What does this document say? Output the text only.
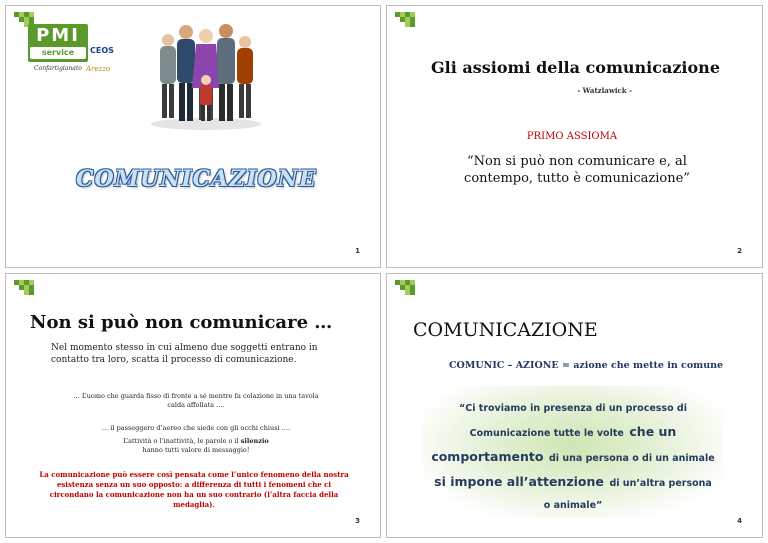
PMI
service	CEOS
Confartigianato Arezzo
COMUNICAZIONE
1
Gli assiomi della comunicazione
- Watzlawick -
PRIMO ASSIOMA
“Non si può non comunicare e, al
contempo, tutto è comunicazione”
2
Non si può non comunicare …
Nel momento stesso in cui almeno due soggetti entrano in contatto tra loro, scatta il processo di comunicazione.
… L’uomo che guarda fisso di fronte a sé mentre fa colazione in una tavola
calda affollata ….
… il passeggero d’aereo che siede con gli occhi chiusi ….
L’attività o l’inattività, le parole o il silenzio
hanno tutti valore di messaggio!
La comunicazione può essere così pensata come l’unico fenomeno della nostra esistenza senza un suo opposto: a differenza di tutti i fenomeni che ci circondano la comunicazione non ha un suo contrario (l’altra faccia della medaglia).
3
COMUNICAZIONE
COMUNIC – AZIONE = azione che mette in comune
“Ci troviamo in presenza di un processo di
Comunicazione tutte le volte che un
comportamento di una persona o di un animale
si impone all’attenzione di un’altra persona
o animale”
4
